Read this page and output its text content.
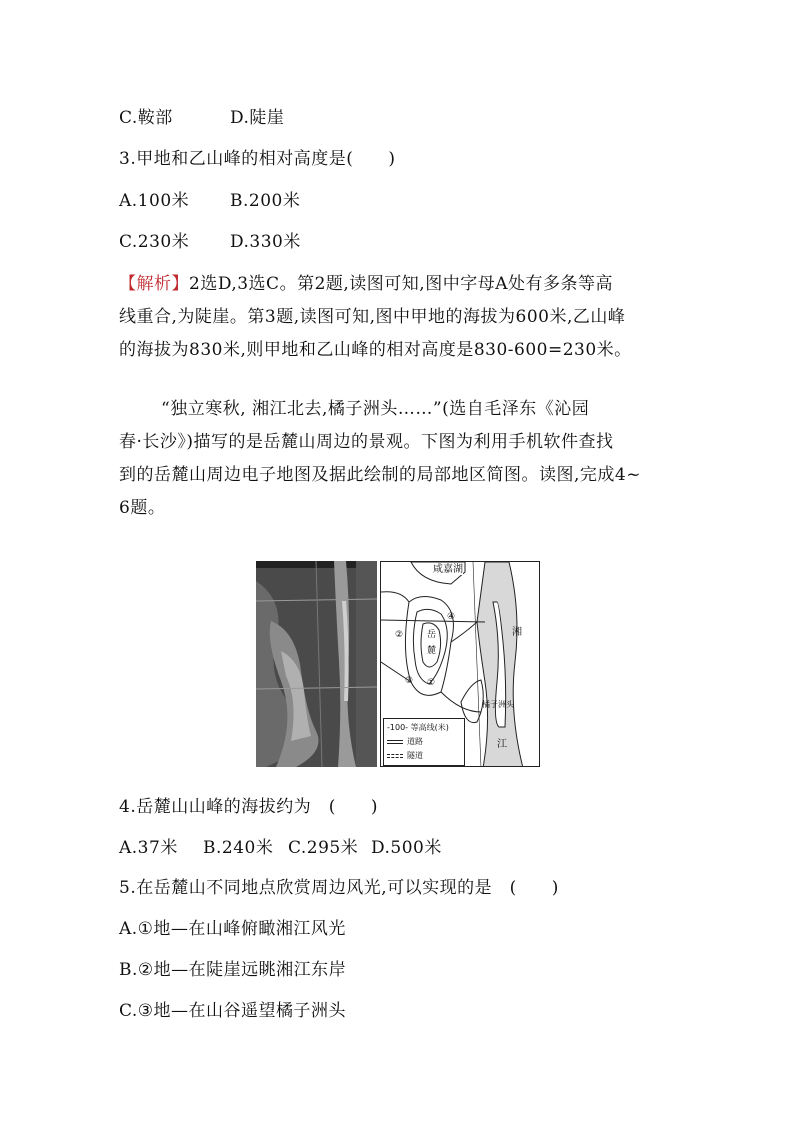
C.鞍部	D.陡崖
3.甲地和乙山峰的相对高度是(　　)
A.100米 B.200米
C.230米 D.330米
【解析】2选D,3选C。第2题,读图可知,图中字母A处有多条等高
线重合,为陡崖。第3题,读图可知,图中甲地的海拔为600米,乙山峰
的海拔为830米,则甲地和乙山峰的相对高度是830-600=230米。
“独立寒秋, 湘江北去,橘子洲头……”(选自毛泽东《沁园
春·长沙》)描写的是岳麓山周边的景观。下图为利用手机软件查找
到的岳麓山周边电子地图及据此绘制的局部地区简图。读图,完成4~
6题。
咸嘉湖
湘
岳
麓
④
②
③ ①
橘子洲头
江
-100- 等高线(米)
道路
隧道
4.岳麓山山峰的海拔约为　(　　)
A.37米 B.240米 C.295米 D.500米
5.在岳麓山不同地点欣赏周边风光,可以实现的是　(　　)
A.①地—在山峰俯瞰湘江风光
B.②地—在陡崖远眺湘江东岸
C.③地—在山谷遥望橘子洲头
